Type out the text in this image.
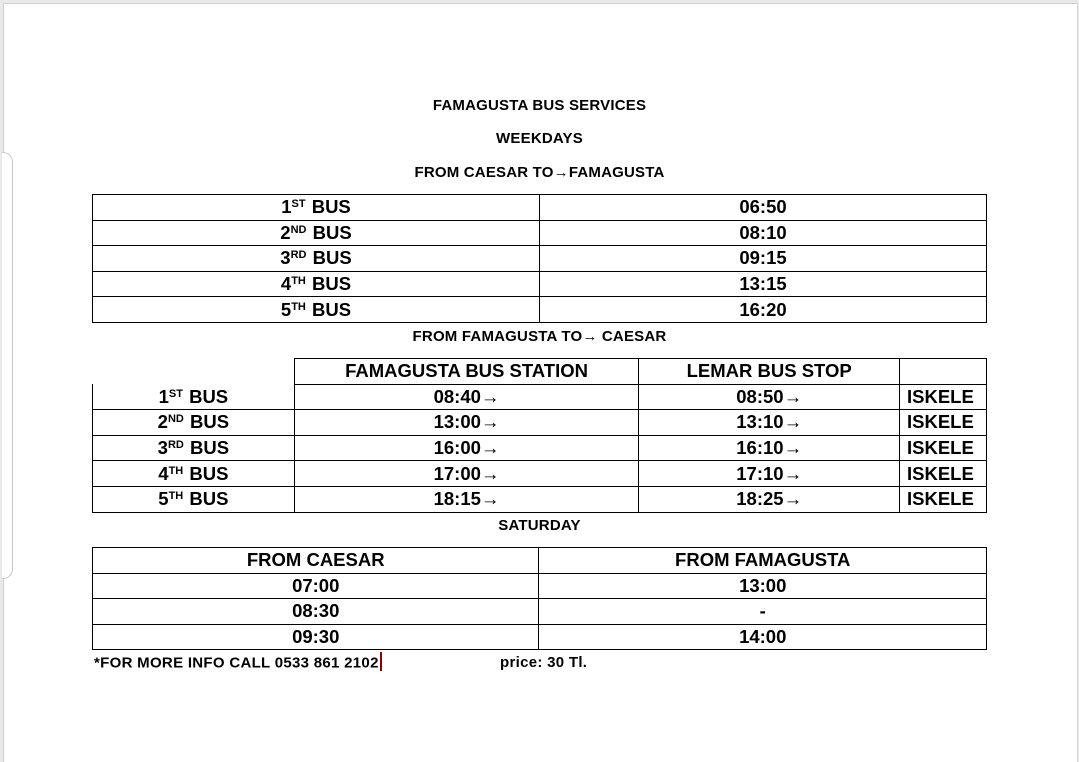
FAMAGUSTA BUS SERVICES
WEEKDAYS
FROM CAESAR TO→FAMAGUSTA
1ST BUS	06:50
2ND BUS	08:10
3RD BUS	09:15
4TH BUS	13:15
5TH BUS	16:20
FROM FAMAGUSTA TO→ CAESAR
	FAMAGUSTA BUS STATION	LEMAR BUS STOP	
1ST BUS	08:40→	08:50→	ISKELE
2ND BUS	13:00→	13:10→	ISKELE
3RD BUS	16:00→	16:10→	ISKELE
4TH BUS	17:00→	17:10→	ISKELE
5TH BUS	18:15→	18:25→	ISKELE
SATURDAY
FROM CAESAR	FROM FAMAGUSTA
07:00	13:00
08:30	-
09:30	14:00
*FOR MORE INFO CALL 0533 861 2102	price: 30 Tl.
